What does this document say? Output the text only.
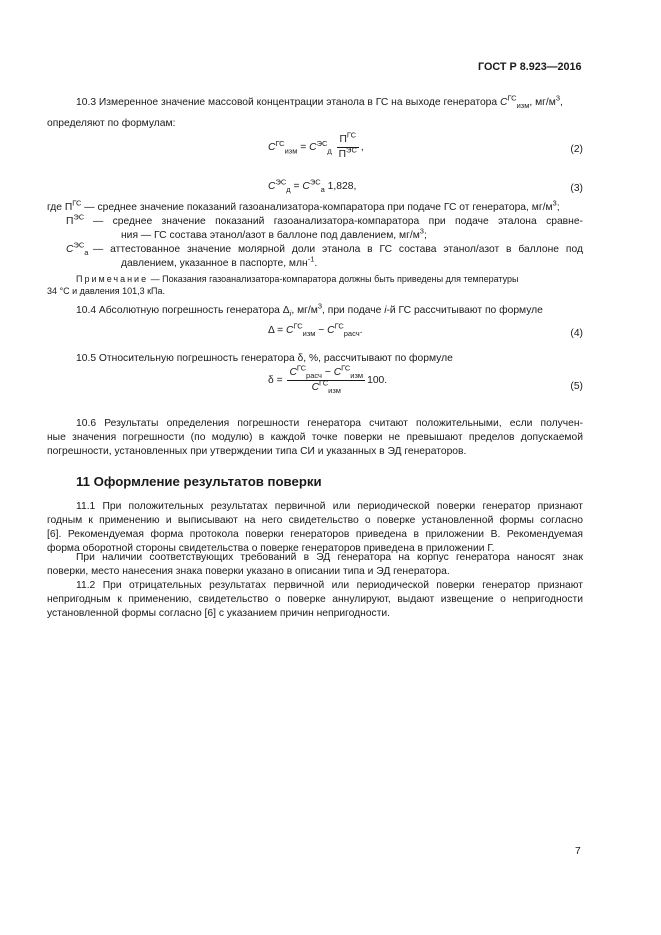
ГОСТ Р 8.923—2016
10.3 Измеренное значение массовой концентрации этанола в ГС на выходе генератора $C^{ГС}_{изм}$, $мг/м^3$,
определяют по формулам:
$C^{ГС}_{изм} = C^{ЭС}_д \frac{П^{ГС}}{П^{ЭС}}$ ,	(2)
$C^{ЭС}_д = C^{ЭС}_а$ 1,828,	(3)
где $П^{ГС}$ — среднее значение показаний газоанализатора-компаратора при подаче ГС от генератора, $мг/м^3$;
$П^{ЭС}$ — среднее значение показаний газоанализатора-компаратора при подаче эталона сравне-
ния — ГС состава этанол/азот в баллоне под давлением, $мг/м^3$;
$C^{ЭС}_а$ — аттестованное значение молярной доли этанола в ГС состава этанол/азот в баллоне под
давлением, указанное в паспорте, млн$^{-1}$.
Примечание — Показания газоанализатора-компаратора должны быть приведены для температуры
34 °С и давления 101,3 кПа.
10.4 Абсолютную погрешность генератора $\Delta_i$, $мг/м^3$, при подаче i-й ГС рассчитывают по формуле
$\Delta = C^{ГС}_{изм} - C^{ГС}_{расч}$.	(4)
10.5 Относительную погрешность генератора δ, %, рассчитывают по формуле
$\delta = \frac{C^{ГС}_{расч} - C^{ГС}_{изм}}{C^{ГС}_{изм}} 100$.
(5)
10.6 Результаты определения погрешности генератора считают положительными, если получен-
ные значения погрешности (по модулю) в каждой точке поверки не превышают пределов допускаемой
погрешности, установленных при утверждении типа СИ и указанных в ЭД генераторов.
11 Оформление результатов поверки
11.1 При положительных результатах первичной или периодической поверки генератор признают
годным к применению и выписывают на него свидетельство о поверке установленной формы согласно
[6]. Рекомендуемая форма протокола поверки генераторов приведена в приложении В. Рекомендуемая
форма оборотной стороны свидетельства о поверке генераторов приведена в приложении Г.
При наличии соответствующих требований в ЭД генератора на корпус генератора наносят знак
поверки, место нанесения знака поверки указано в описании типа и ЭД генератора.
11.2 При отрицательных результатах первичной или периодической поверки генератор признают
непригодным к применению, свидетельство о поверке аннулируют, выдают извещение о непригодности
установленной формы согласно [6] с указанием причин непригодности.
7
